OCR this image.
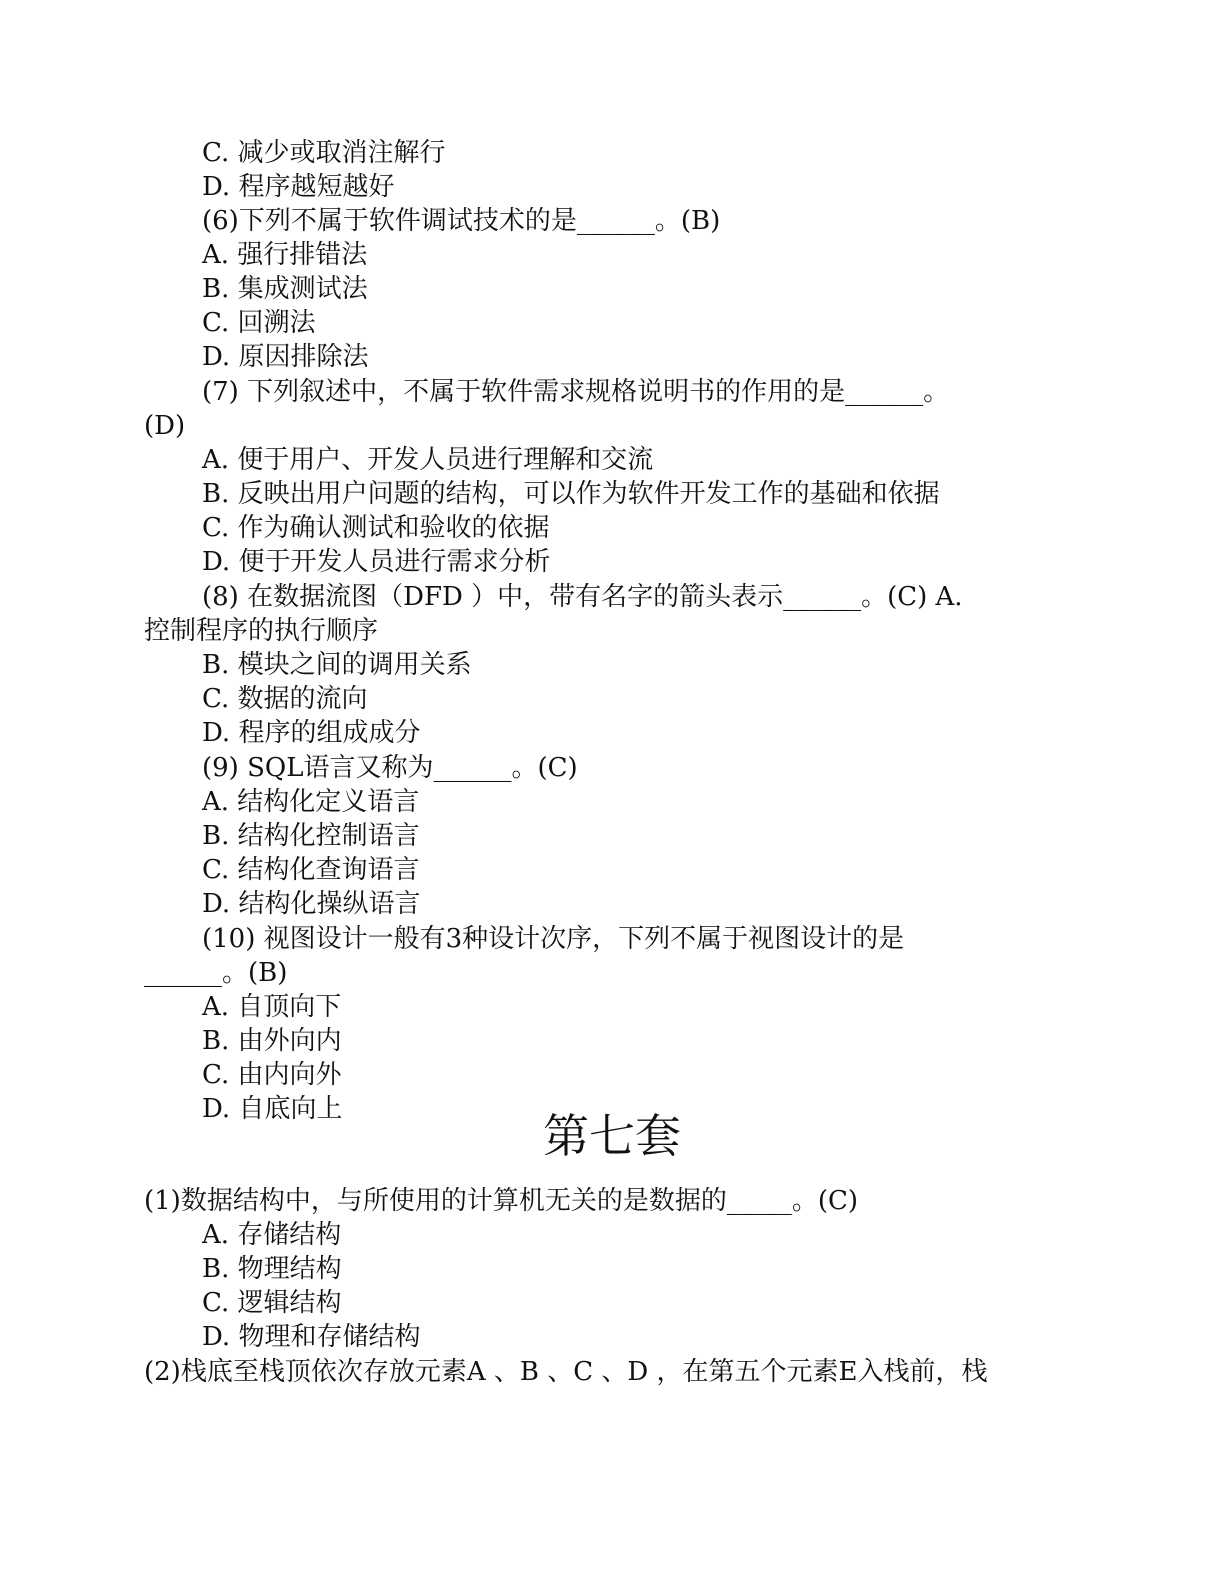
C. 减少或取消注解行
D. 程序越短越好
(6)下列不属于软件调试技术的是______。(B)
A. 强行排错法
B. 集成测试法
C. 回溯法
D. 原因排除法
(7) 下列叙述中，不属于软件需求规格说明书的作用的是______。
(D)
A. 便于用户、开发人员进行理解和交流
B. 反映出用户问题的结构，可以作为软件开发工作的基础和依据
C. 作为确认测试和验收的依据
D. 便于开发人员进行需求分析
(8) 在数据流图（DFD ）中，带有名字的箭头表示______。(C) A.
控制程序的执行顺序
B. 模块之间的调用关系
C. 数据的流向
D. 程序的组成成分
(9) SQL语言又称为______。(C)
A. 结构化定义语言
B. 结构化控制语言
C. 结构化查询语言
D. 结构化操纵语言
(10) 视图设计一般有3种设计次序，下列不属于视图设计的是
______。(B)
A. 自顶向下
B. 由外向内
C. 由内向外
D. 自底向上	第七套
(1)数据结构中，与所使用的计算机无关的是数据的_____。(C)
A. 存储结构
B. 物理结构
C. 逻辑结构
D. 物理和存储结构
(2)栈底至栈顶依次存放元素A 、B 、C 、D ，在第五个元素E入栈前，栈
